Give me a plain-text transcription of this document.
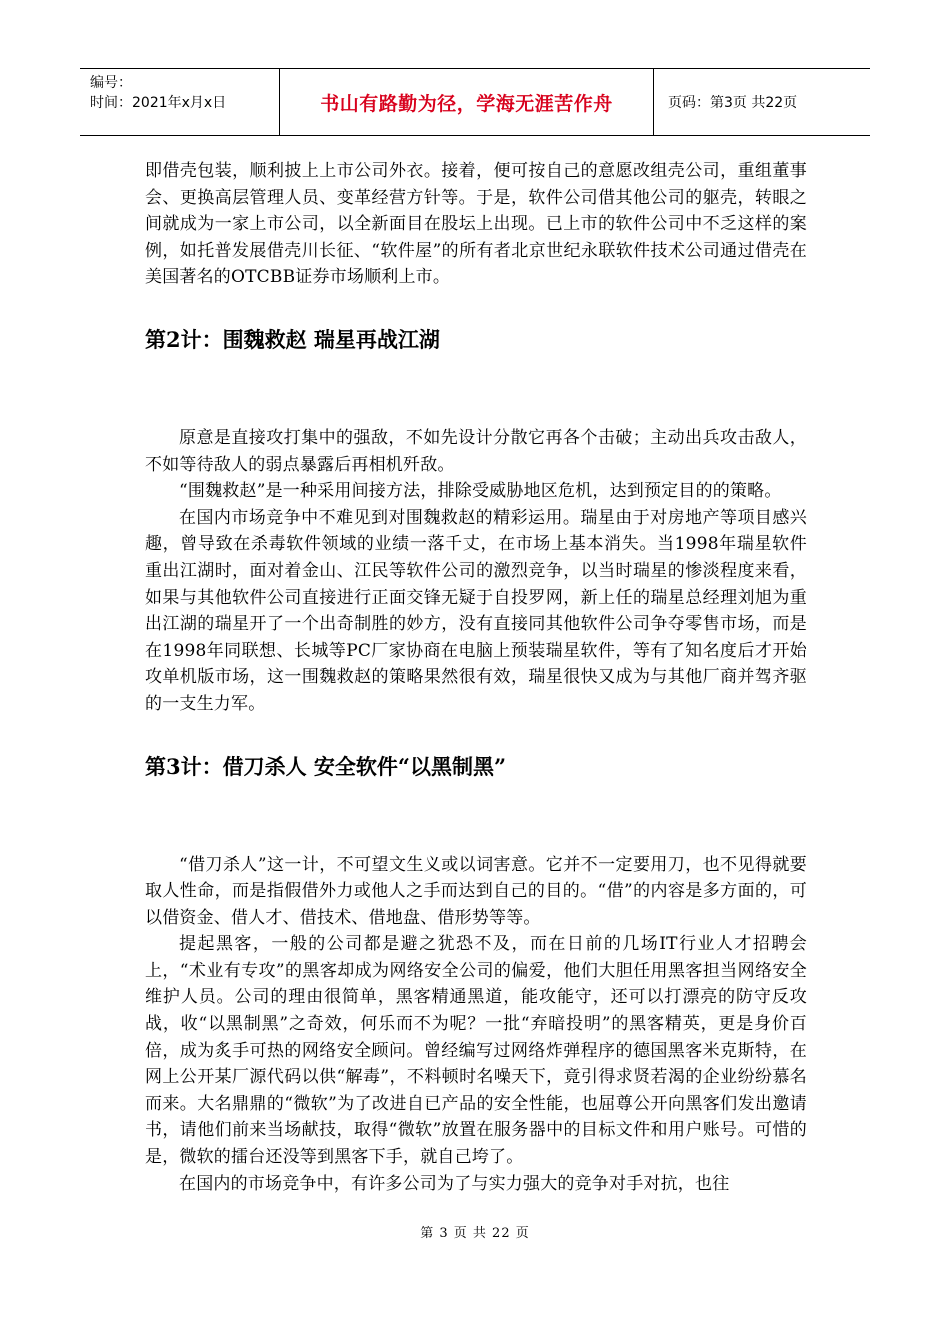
编号：
时间：2021年x月x日	书山有路勤为径，学海无涯苦作舟	页码：第3页 共22页

即借壳包装，顺利披上上市公司外衣。接着，便可按自己的意愿改组壳公司，重组董事会、更换高层管理人员、变革经营方针等。于是，软件公司借其他公司的躯壳，转眼之间就成为一家上市公司，以全新面目在股坛上出现。已上市的软件公司中不乏这样的案例，如托普发展借壳川长征、“软件屋”的所有者北京世纪永联软件技术公司通过借壳在美国著名的OTCBB证券市场顺利上市。

第2计：围魏救赵 瑞星再战江湖

原意是直接攻打集中的强敌，不如先设计分散它再各个击破；主动出兵攻击敌人，不如等待敌人的弱点暴露后再相机歼敌。

“围魏救赵”是一种采用间接方法，排除受威胁地区危机，达到预定目的的策略。

在国内市场竞争中不难见到对围魏救赵的精彩运用。瑞星由于对房地产等项目感兴趣，曾导致在杀毒软件领域的业绩一落千丈，在市场上基本消失。当1998年瑞星软件重出江湖时，面对着金山、江民等软件公司的激烈竞争，以当时瑞星的惨淡程度来看，如果与其他软件公司直接进行正面交锋无疑于自投罗网，新上任的瑞星总经理刘旭为重出江湖的瑞星开了一个出奇制胜的妙方，没有直接同其他软件公司争夺零售市场，而是在1998年同联想、长城等PC厂家协商在电脑上预装瑞星软件，等有了知名度后才开始攻单机版市场，这一围魏救赵的策略果然很有效，瑞星很快又成为与其他厂商并驾齐驱的一支生力军。

第3计：借刀杀人 安全软件“以黑制黑”

“借刀杀人”这一计，不可望文生义或以词害意。它并不一定要用刀，也不见得就要取人性命，而是指假借外力或他人之手而达到自己的目的。“借”的内容是多方面的，可以借资金、借人才、借技术、借地盘、借形势等等。

提起黑客，一般的公司都是避之犹恐不及，而在日前的几场IT行业人才招聘会上，“术业有专攻”的黑客却成为网络安全公司的偏爱，他们大胆任用黑客担当网络安全维护人员。公司的理由很简单，黑客精通黑道，能攻能守，还可以打漂亮的防守反攻战，收“以黑制黑”之奇效，何乐而不为呢？一批“弃暗投明”的黑客精英，更是身价百倍，成为炙手可热的网络安全顾问。曾经编写过网络炸弹程序的德国黑客米克斯特，在网上公开某厂源代码以供“解毒”，不料顿时名噪天下，竟引得求贤若渴的企业纷纷慕名而来。大名鼎鼎的“微软”为了改进自已产品的安全性能，也屈尊公开向黑客们发出邀请书，请他们前来当场献技，取得“微软”放置在服务器中的目标文件和用户账号。可惜的是，微软的擂台还没等到黑客下手，就自己垮了。

在国内的市场竞争中，有许多公司为了与实力强大的竞争对手对抗，也往

第 3 页 共 22 页
